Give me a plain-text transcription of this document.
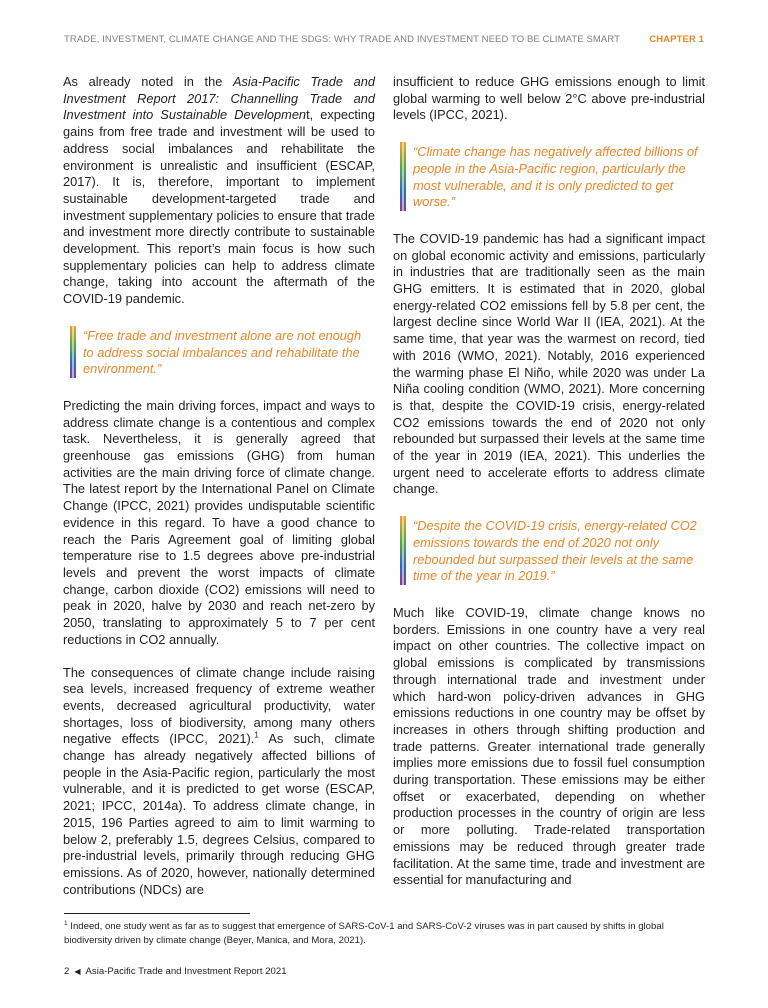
TRADE, INVESTMENT, CLIMATE CHANGE AND THE SDGS: WHY TRADE AND INVESTMENT NEED TO BE CLIMATE SMART	CHAPTER 1

As already noted in the Asia-Pacific Trade and Investment Report 2017: Channelling Trade and Investment into Sustainable Development, expecting gains from free trade and investment will be used to address social imbalances and rehabilitate the environment is unrealistic and insufficient (ESCAP, 2017). It is, therefore, important to implement sustainable development-targeted trade and investment supplementary policies to ensure that trade and investment more directly contribute to sustainable development. This report’s main focus is how such supplementary policies can help to address climate change, taking into account the aftermath of the COVID-19 pandemic.

“Free trade and investment alone are not enough to address social imbalances and rehabilitate the environment.”

Predicting the main driving forces, impact and ways to address climate change is a contentious and complex task. Nevertheless, it is generally agreed that greenhouse gas emissions (GHG) from human activities are the main driving force of climate change. The latest report by the International Panel on Climate Change (IPCC, 2021) provides undisputable scientific evidence in this regard. To have a good chance to reach the Paris Agreement goal of limiting global temperature rise to 1.5 degrees above pre-industrial levels and prevent the worst impacts of climate change, carbon dioxide (CO2) emissions will need to peak in 2020, halve by 2030 and reach net-zero by 2050, translating to approximately 5 to 7 per cent reductions in CO2 annually.

The consequences of climate change include raising sea levels, increased frequency of extreme weather events, decreased agricultural productivity, water shortages, loss of biodiversity, among many others negative effects (IPCC, 2021).$^1$ As such, climate change has already negatively affected billions of people in the Asia-Pacific region, particularly the most vulnerable, and it is predicted to get worse (ESCAP, 2021; IPCC, 2014a). To address climate change, in 2015, 196 Parties agreed to aim to limit warming to below 2, preferably 1.5, degrees Celsius, compared to pre-industrial levels, primarily through reducing GHG emissions. As of 2020, however, nationally determined contributions (NDCs) are

insufficient to reduce GHG emissions enough to limit global warming to well below 2°C above pre-industrial levels (IPCC, 2021).

“Climate change has negatively affected billions of people in the Asia-Pacific region, particularly the most vulnerable, and it is only predicted to get worse.”

The COVID-19 pandemic has had a significant impact on global economic activity and emissions, particularly in industries that are traditionally seen as the main GHG emitters. It is estimated that in 2020, global energy-related CO2 emissions fell by 5.8 per cent, the largest decline since World War II (IEA, 2021). At the same time, that year was the warmest on record, tied with 2016 (WMO, 2021). Notably, 2016 experienced the warming phase El Niño, while 2020 was under La Niña cooling condition (WMO, 2021). More concerning is that, despite the COVID-19 crisis, energy-related CO2 emissions towards the end of 2020 not only rebounded but surpassed their levels at the same time of the year in 2019 (IEA, 2021). This underlies the urgent need to accelerate efforts to address climate change.

“Despite the COVID-19 crisis, energy-related CO2 emissions towards the end of 2020 not only rebounded but surpassed their levels at the same time of the year in 2019.”

Much like COVID-19, climate change knows no borders. Emissions in one country have a very real impact on other countries. The collective impact on global emissions is complicated by transmissions through international trade and investment under which hard-won policy-driven advances in GHG emissions reductions in one country may be offset by increases in others through shifting production and trade patterns. Greater international trade generally implies more emissions due to fossil fuel consumption during transportation. These emissions may be either offset or exacerbated, depending on whether production processes in the country of origin are less or more polluting. Trade-related transportation emissions may be reduced through greater trade facilitation. At the same time, trade and investment are essential for manufacturing and

$^1$ Indeed, one study went as far as to suggest that emergence of SARS-CoV-1 and SARS-CoV-2 viruses was in part caused by shifts in global biodiversity driven by climate change (Beyer, Manica, and Mora, 2021).
2 ◀ Asia-Pacific Trade and Investment Report 2021
